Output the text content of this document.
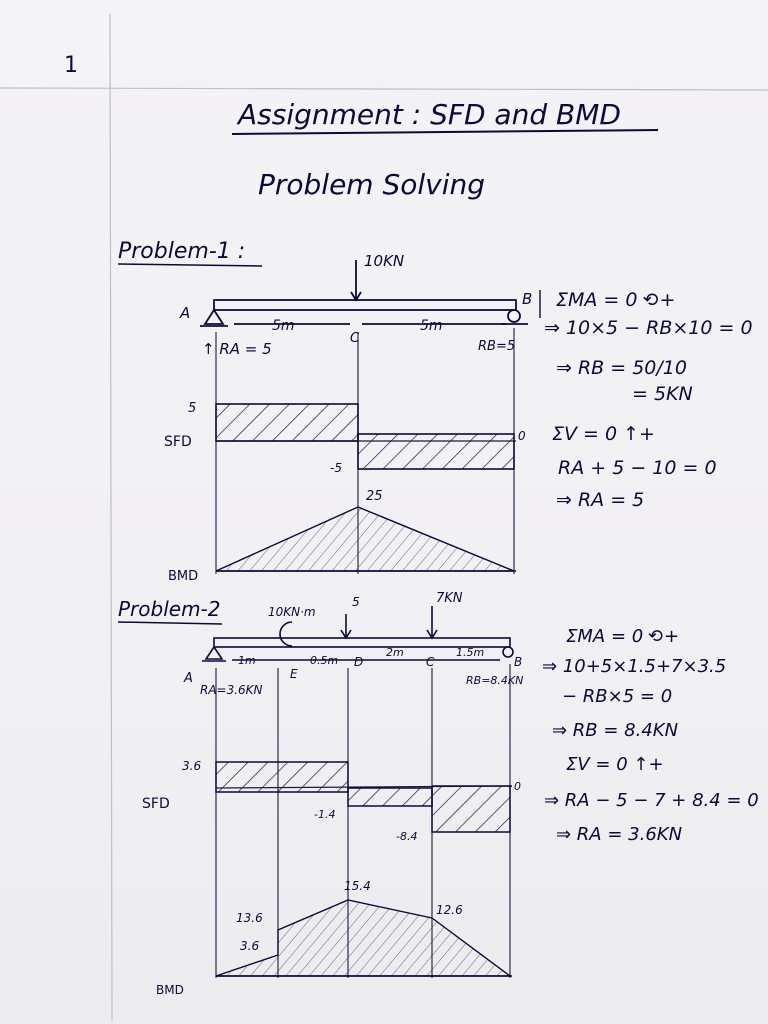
1
Assignment : SFD and BMD
Problem Solving
Problem-1 :	10KN
A
B
C
5m	5m
↑ RA = 5	RB=5
5
-5
0
SFD
25
BMD
ΣMA = 0 ⟲+
⇒ 10×5 − RB×10 = 0
⇒ RB = 50/10
= 5KN
ΣV = 0 ↑+
RA + 5 − 10 = 0
⇒ RA = 5
Problem-2	10KN·m
5	7KN
A	E
D	C	B
1m	0.5m
2m	1.5m
RA=3.6KN
RB=8.4KN
3.6
-1.4
-8.4
0
SFD
13.6
3.6
15.4
12.6
BMD
ΣMA = 0 ⟲+
⇒ 10+5×1.5+7×3.5
− RB×5 = 0
⇒ RB = 8.4KN
ΣV = 0 ↑+
⇒ RA − 5 − 7 + 8.4 = 0
⇒ RA = 3.6KN
